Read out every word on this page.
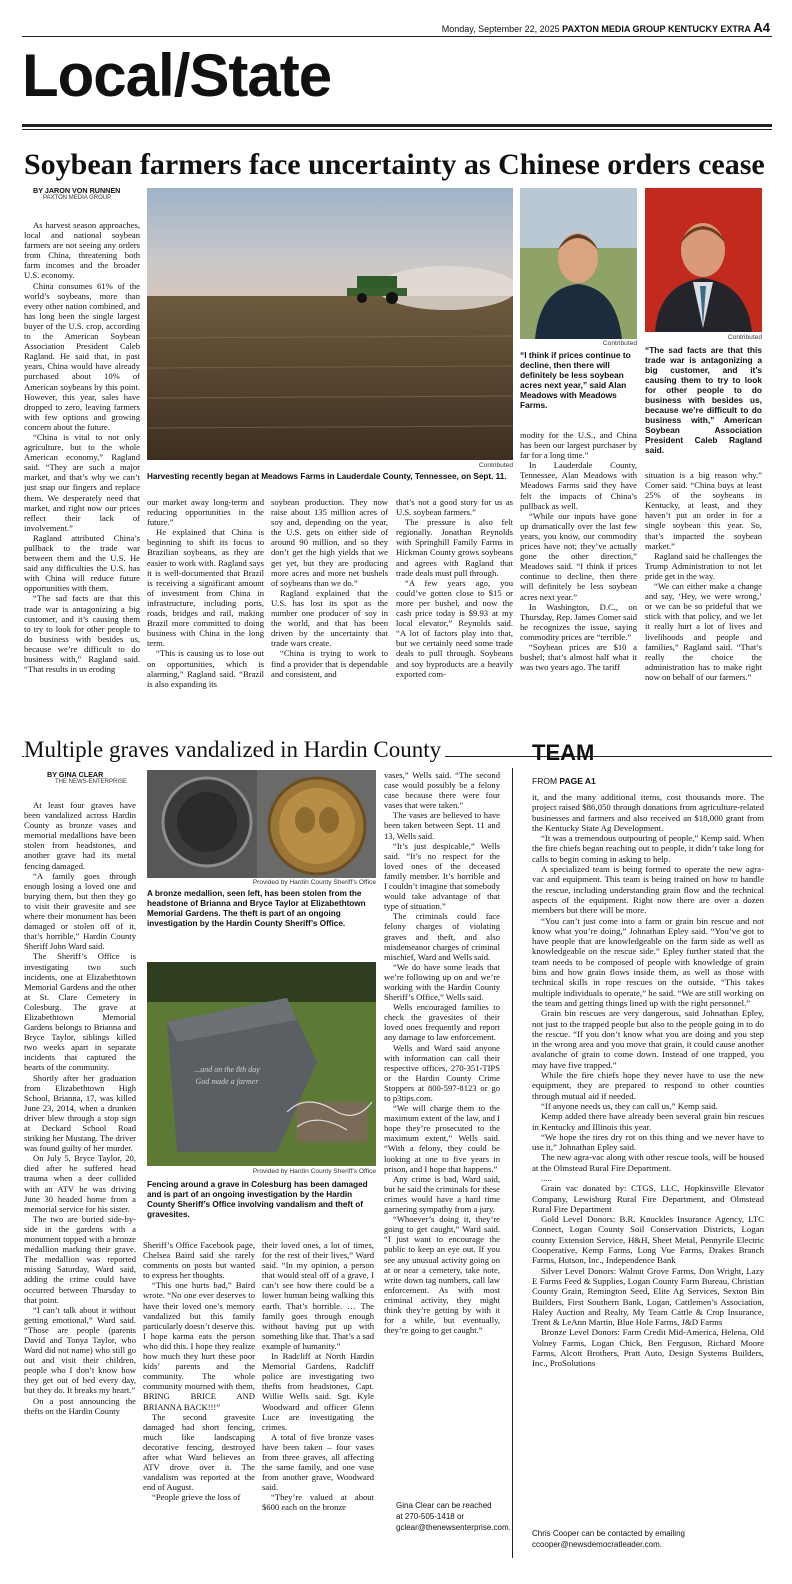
Monday, September 22, 2025 PAXTON MEDIA GROUP KENTUCKY EXTRA A4
Local/State
Soybean farmers face uncertainty as Chinese orders cease
BY JARON VON RUNNEN
PAXTON MEDIA GROUP

As harvest season approaches, local and national soybean farmers are not seeing any orders from China, threatening both farm incomes and the broader U.S. economy.

China consumes 61% of the world’s soybeans, more than every other nation combined, and has long been the single largest buyer of the U.S. crop, according to the American Soybean Association President Caleb Ragland. He said that, in past years, China would have already purchased about 10% of American soybeans by this point. However, this year, sales have dropped to zero, leaving farmers with few options and growing concern about the future.

“China is vital to not only agriculture, but to the whole American economy,” Ragland said. “They are such a major market, and that’s why we can’t just snap our fingers and replace them. We desperately need that market, and right now our prices reflect their lack of involvement.”

Ragland attributed China’s pullback to the trade war between them and the U.S. He said any difficulties the U.S. has with China will reduce future opportunities with them.

“The sad facts are that this trade war is antagonizing a big customer, and it’s causing them to try to look for other people to do business with besides us, because we’re difficult to do business with,” Ragland said. “That results in us eroding

Contributed
Harvesting recently began at Meadows Farms in Lauderdale County, Tennessee, on Sept. 11.
Contributed
“I think if prices continue to decline, then there will definitely be less soybean acres next year,” said Alan Meadows with Meadows Farms.
Contributed
“The sad facts are that this trade war is antagonizing a big customer, and it’s causing them to try to look for other people to do business with besides us, because we’re difficult to do business with,” American Soybean Association President Caleb Ragland said.

our market away long-term and reducing opportunities in the future.”

He explained that China is beginning to shift its focus to Brazilian soybeans, as they are easier to work with. Ragland says it is well-documented that Brazil is receiving a significant amount of investment from China in infrastructure, including ports, roads, bridges and rail, making Brazil more committed to doing business with China in the long term.

“This is causing us to lose out on opportunities, which is alarming,” Ragland said. “Brazil is also expanding its

soybean production. They now raise about 135 million acres of soy and, depending on the year, the U.S. gets on either side of around 90 million, and so they don’t get the high yields that we get yet, but they are producing more acres and more net bushels of soybeans than we do.”

Ragland explained that the U.S. has lost its spot as the number one producer of soy in the world, and that has been driven by the uncertainty that trade wars create.

“China is trying to work to find a provider that is dependable and consistent, and

that’s not a good story for us as U.S. soybean farmers.”

The pressure is also felt regionally. Jonathan Reynolds with Springhill Family Farms in Hickman County grows soybeans and agrees with Ragland that trade deals must pull through.

“A few years ago, you could’ve gotten close to $15 or more per bushel, and now the cash price today is $9.93 at my local elevator,” Reynolds said. “A lot of factors play into that, but we certainly need some trade deals to pull through. Soybeans and soy byproducts are a heavily exported com-

modity for the U.S., and China has been our largest purchaser by far for a long time.”

In Lauderdale County, Tennessee, Alan Meadows with Meadows Farms said they have felt the impacts of China’s pullback as well.

“While our inputs have gone up dramatically over the last few years, you know, our commodity prices have not; they’ve actually gone the other direction,” Meadows said. “I think if prices continue to decline, then there will definitely be less soybean acres next year.”

In Washington, D.C., on Thursday, Rep. James Comer said he recognizes the issue, saying commodity prices are “terrible.”

“Soybean prices are $10 a bushel; that’s almost half what it was two years ago. The tariff

situation is a big reason why.” Comer said. “China buys at least 25% of the soybeans in Kentucky, at least, and they haven’t put an order in for a single soybean this year. So, that’s impacted the soybean market.”

Ragland said he challenges the Trump Administration to not let pride get in the way.

“We can either make a change and say, ‘Hey, we were wrong,’ or we can be so prideful that we stick with that policy, and we let it really hurt a lot of lives and livelihoods and people and families,” Ragland said. “That’s really the choice the administration has to make right now on behalf of our farmers.”

Multiple graves vandalized in Hardin County
BY GINA CLEAR
THE NEWS-ENTERPRISE

At least four graves have been vandalized across Hardin County as bronze vases and memorial medallions have been stolen from headstones, and another grave had its metal fencing damaged.

“A family goes through enough losing a loved one and burying them, but then they go to visit their gravesite and see where their monument has been damaged or stolen off of it, that’s horrible,” Hardin County Sheriff John Ward said.

The Sheriff’s Office is investigating two such incidents, one at Elizabethtown Memorial Gardens and the other at St. Clare Cemetery in Colesburg. The grave at Elizabethtown Memorial Gardens belongs to Brianna and Bryce Taylor, siblings killed two weeks apart in separate incidents that captured the hearts of the community.

Shortly after her graduation from Elizabethtown High School, Brianna, 17, was killed June 23, 2014, when a drunken driver blew through a stop sign at Deckard School Road striking her Mustang. The driver was found guilty of her murder.

On July 5, Bryce Taylor, 20, died after he suffered head trauma when a deer collided with an ATV he was driving June 30 headed home from a memorial service for his sister.

The two are buried side-by-side in the gardens with a monument topped with a bronze medallion marking their grave. The medallion was reported missing Saturday, Ward said, adding the crime could have occurred between Thursday to that point.

“I can’t talk about it without getting emotional,” Ward said. “Those are people (parents David and Tonya Taylor, who Ward did not name) who still go out and visit their children, people who I don’t know how they get out of bed every day, but they do. It breaks my heart.”

On a post announcing the thefts on the Hardin County

Provided by Hardin County Sheriff’s Office
A bronze medallion, seen left, has been stolen from the headstone of Brianna and Bryce Taylor at Elizabethtown Memorial Gardens. The theft is part of an ongoing investigation by the Hardin County Sheriff’s Office.
...and on the 8th day
God made a farmer
Provided by Hardin County Sheriff’s Office
Fencing around a grave in Colesburg has been damaged and is part of an ongoing investigation by the Hardin County Sheriff’s Office involving vandalism and theft of gravesites.

Sheriff’s Office Facebook page, Chelsea Baird said she rarely comments on posts but wanted to express her thoughts.

“This one hurts bad,” Baird wrote. “No one ever deserves to have their loved one’s memory vandalized but this family particularly doesn’t deserve this. I hope karma eats the person who did this. I hope they realize how much they hurt these poor kids’ parents and the community. The whole community mourned with them, BRING BRICE AND BRIANNA BACK!!!”

The second gravesite damaged had short fencing, much like landscaping decorative fencing, destroyed after what Ward believes an ATV drove over it. The vandalism was reported at the end of August.

“People grieve the loss of

their loved ones, a lot of times, for the rest of their lives,” Ward said. “In my opinion, a person that would steal off of a grave, I can’t see how there could be a lower human being walking this earth. That’s horrible. … The family goes through enough without having put up with something like that. That’s a sad example of humanity.”

In Radcliff at North Hardin Memorial Gardens, Radcliff police are investigating two thefts from headstones, Capt. Willie Wells said. Sgt. Kyle Woodward and officer Glenn Luce are investigating the crimes.

A total of five bronze vases have been taken – four vases from three graves, all affecting the same family, and one vase from another grave, Woodward said.

“They’re valued at about $600 each on the bronze

vases,” Wells said. “The second case would possibly be a felony case because there were four vases that were taken.”

The vases are believed to have been taken between Sept. 11 and 13, Wells said.

“It’s just despicable,” Wells said. “It’s no respect for the loved ones of the deceased family member. It’s horrible and I couldn’t imagine that somebody would take advantage of that type of situation.”

The criminals could face felony charges of violating graves and theft, and also misdemeanor charges of criminal mischief, Ward and Wells said.

“We do have some leads that we’re following up on and we’re working with the Hardin County Sheriff’s Office,” Wells said.

Wells encouraged families to check the gravesites of their loved ones frequently and report any damage to law enforcement.

Wells and Ward said anyone with information can call their respective offices, 270-351-TIPS or the Hardin County Crime Stoppers at 800-597-8123 or go to p3tips.com.

“We will charge them to the maximum extent of the law, and I hope they’re prosecuted to the maximum extent,” Wells said. “With a felony, they could be looking at one to five years in prison, and I hope that happens.”

Any crime is bad, Ward said, but he said the criminals for these crimes would have a hard time garnering sympathy from a jury.

“Whoever’s doing it, they’re going to get caught,” Ward said. “I just want to encourage the public to keep an eye out. If you see any unusual activity going on at or near a cemetery, take note, write down tag numbers, call law enforcement. As with most criminal activity, they might think they’re getting by with it for a while, but eventually, they’re going to get caught.”

Gina Clear can be reached at 270-505-1418 or gclear@thenewsenterprise.com.
TEAM
FROM PAGE A1

it, and the many additional items, cost thousands more. The project raised $86,050 through donations from agriculture-related businesses and farmers and also received an $18,000 grant from the Kentucky State Ag Development.

“It was a tremendous outpouring of people,” Kemp said. When the fire chiefs began reaching out to people, it didn’t take long for calls to begin coming in asking to help.

A specialized team is being formed to operate the new agra-vac and equipment. This team is being trained on how to handle the rescue, including understanding grain flow and the technical aspects of the equipment. Right now there are over a dozen members but there will be more.

“You can’t just come into a farm or grain bin rescue and not know what you’re doing,” Johnathan Epley said. “You’ve got to have people that are knowledgeable on the farm side as well as knowledgeable on the rescue side.” Epley further stated that the team needs to be composed of people with knowledge of grain bins and how grain flows inside them, as well as those with technical skills in rope rescues on the outside. “This takes multiple individuals to operate,” he said. “We are still working on the team and getting things lined up with the right personnel.”

Grain bin rescues are very dangerous, said Johnathan Epley, not just to the trapped people but also to the people going in to do the rescue. “If you don’t know what you are doing and you step in the wrong area and you move that grain, it could cause another avalanche of grain to come down. Instead of one trapped, you may have five trapped.”

While the fire chiefs hope they never have to use the new equipment, they are prepared to respond to other counties through mutual aid if needed.

“If anyone needs us, they can call us,” Kemp said.

Kemp added there have already been several grain bin rescues in Kentucky and Illinois this year.

“We hope the tires dry rot on this thing and we never have to use it,” Johnathan Epley said.

The new agra-vac along with other rescue tools, will be housed at the Olmstead Rural Fire Department.

.....

Grain vac donated by: CTGS, LLC, Hopkinsville Elevator Company, Lewisburg Rural Fire Department, and Olmstead Rural Fire Department

Gold Level Donors: B.R. Knuckles Insurance Agency, LTC Connect, Logan County Soil Conservation Districts, Logan county Extension Service, H&H, Sheet Metal, Pennyrile Electric Cooperative, Kemp Farms, Long Vue Farms, Drakes Branch Farms, Hutson, Inc., Independence Bank

Silver Level Donors: Walnut Grove Farms, Don Wright, Lazy E Farms Feed & Supplies, Logan County Farm Bureau, Christian County Grain, Remington Seed, Elite Ag Services, Sexton Bin Builders, First Southern Bank, Logan, Cattlemen’s Association, Haley Auction and Realty, My Team Cattle & Crop Insurance, Trent & LeAnn Martin, Blue Hole Farms, J&D Farms

Bronze Level Donors: Farm Credit Mid-America, Helena, Old Volney Farms, Logan Chick, Ben Ferguson, Richard Moore Farms, Alcott Brothers, Pratt Auto, Design Systems Builders, Inc., ProSolutions

Chris Cooper can be contacted by emailing ccooper@newsdemocratleader.com.
